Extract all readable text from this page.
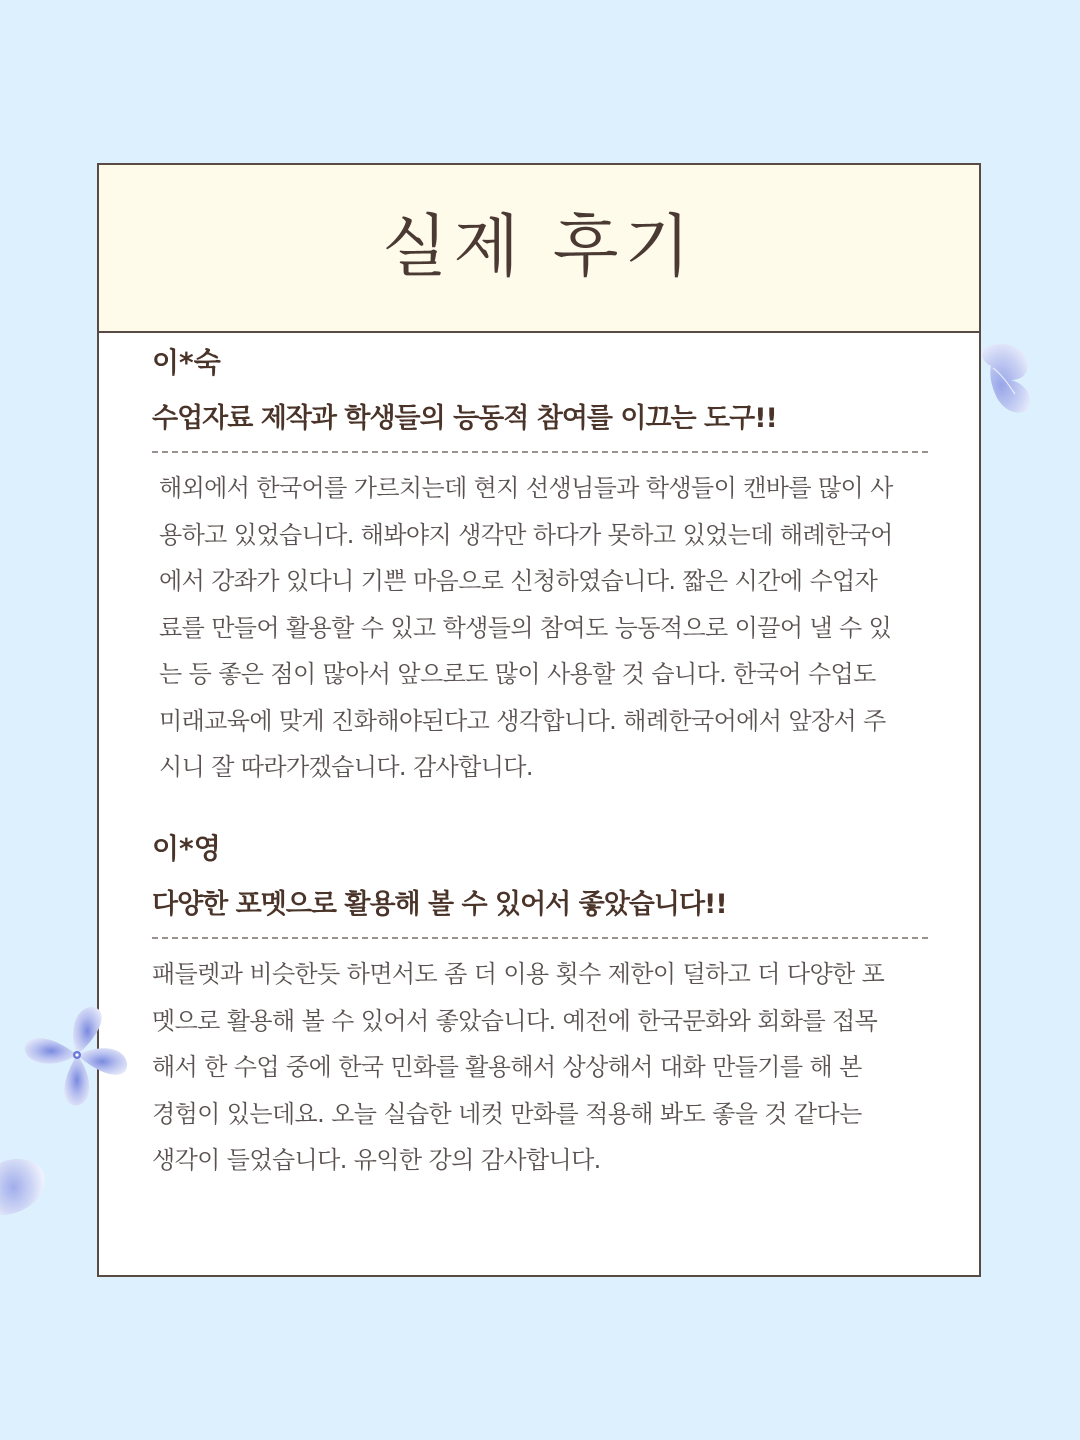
실제 후기

이*숙

수업자료 제작과 학생들의 능동적 참여를 이끄는 도구!!

해외에서 한국어를 가르치는데 현지 선생님들과 학생들이 캔바를 많이 사
용하고 있었습니다. 해봐야지 생각만 하다가 못하고 있었는데 해례한국어
에서 강좌가 있다니 기쁜 마음으로 신청하였습니다. 짧은 시간에 수업자
료를 만들어 활용할 수 있고 학생들의 참여도 능동적으로 이끌어 낼 수 있
는 등 좋은 점이 많아서 앞으로도 많이 사용할 것 습니다. 한국어 수업도
미래교육에 맞게 진화해야된다고 생각합니다. 해례한국어에서 앞장서 주
시니 잘 따라가겠습니다. 감사합니다.

이*영

다양한 포멧으로 활용해 볼 수 있어서 좋았습니다!!

패들렛과 비슷한듯 하면서도 좀 더 이용 횟수 제한이 덜하고 더 다양한 포
멧으로 활용해 볼 수 있어서 좋았습니다. 예전에 한국문화와 회화를 접목
해서 한 수업 중에 한국 민화를 활용해서 상상해서 대화 만들기를 해 본
경험이 있는데요. 오늘 실습한 네컷 만화를 적용해 봐도 좋을 것 같다는
생각이 들었습니다. 유익한 강의 감사합니다.
